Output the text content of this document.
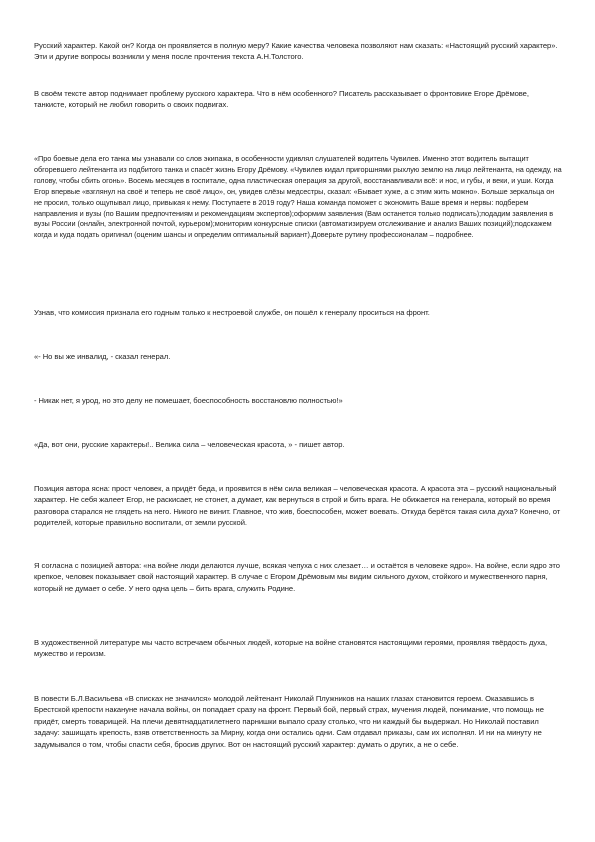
Русский характер. Какой он? Когда он проявляется в полную меру? Какие качества человека позволяют нам сказать: «Настоящий русский характер». Эти и другие вопросы возникли у меня после прочтения текста А.Н.Толстого.

В своём тексте автор поднимает проблему русского характера. Что в нём особенного? Писатель рассказывает о фронтовике Егоре Дрёмове, танкисте, который не любил говорить о своих подвигах.

«Про боевые дела его танка мы узнавали со слов экипажа, в особенности удивлял слушателей водитель Чувилев. Именно этот водитель вытащит обгоревшего лейтенанта из подбитого танка и спасёт жизнь Егору Дрёмову. «Чувилев кидал пригоршнями рыхлую землю на лицо лейтенанта, на одежду, на голову, чтобы сбить огонь». Восемь месяцев в госпитале, одна пластическая операция за другой, восстанавливали всё: и нос, и губы, и веки, и уши. Когда Егор впервые «взглянул на своё и теперь не своё лицо», он, увидев слёзы медсестры, сказал: «Бывает хуже, а с этим жить можно». Больше зеркальца он не просил, только ощупывал лицо, привыкая к нему. Поступаете в 2019 году? Наша команда поможет с экономить Ваше время и нервы: подберем направления и вузы (по Вашим предпочтениям и рекомендациям экспертов);оформим заявления (Вам останется только подписать);подадим заявления в вузы России (онлайн, электронной почтой, курьером);мониторим конкурсные списки (автоматизируем отслеживание и анализ Ваших позиций);подскажем когда и куда подать оригинал (оценим шансы и определим оптимальный вариант).Доверьте рутину профессионалам – подробнее.

Узнав, что комиссия признала его годным только к нестроевой службе, он пошёл к генералу проситься на фронт.

«- Но вы же инвалид, - сказал генерал.

- Никак нет, я урод, но это делу не помешает, боеспособность восстановлю полностью!»

«Да, вот они, русские характеры!.. Велика сила – человеческая красота, » - пишет автор.

Позиция автора ясна: прост человек, а придёт беда, и проявится в нём сила великая – человеческая красота. А красота эта – русский национальный характер. Не себя жалеет Егор, не раскисает, не стонет, а думает, как вернуться в строй и бить врага. Не обижается на генерала, который во время разговора старался не глядеть на него. Никого не винит. Главное, что жив, боеспособен, может воевать. Откуда берётся такая сила духа? Конечно, от родителей, которые правильно воспитали, от земли русской.

Я согласна с позицией автора: «на войне люди делаются лучше, всякая чепуха с них слезает… и остаётся в человеке ядро». На войне, если ядро это крепкое, человек показывает свой настоящий характер. В случае с Егором Дрёмовым мы видим сильного духом, стойкого и мужественного парня, который не думает о себе. У него одна цель – бить врага, служить Родине.

В художественной литературе мы часто встречаем обычных людей, которые на войне становятся настоящими героями, проявляя твёрдость духа, мужество и героизм.

В повести Б.Л.Васильева «В списках не значился» молодой лейтенант Николай Плужников на наших глазах становится героем. Оказавшись в Брестской крепости накануне начала войны, он попадает сразу на фронт. Первый бой, первый страх, мучения людей, понимание, что помощь не придёт, смерть товарищей. На плечи девятнадцатилетнего парнишки выпало сразу столько, что ни каждый бы выдержал. Но Николай поставил задачу: зашищать крепость, взяв ответственность за Мирну, когда они остались одни. Сам отдавал приказы, сам их исполнял. И ни на минуту не задумывался о том, чтобы спасти себя, бросив других. Вот он настоящий русский характер: думать о других, а не о себе.
